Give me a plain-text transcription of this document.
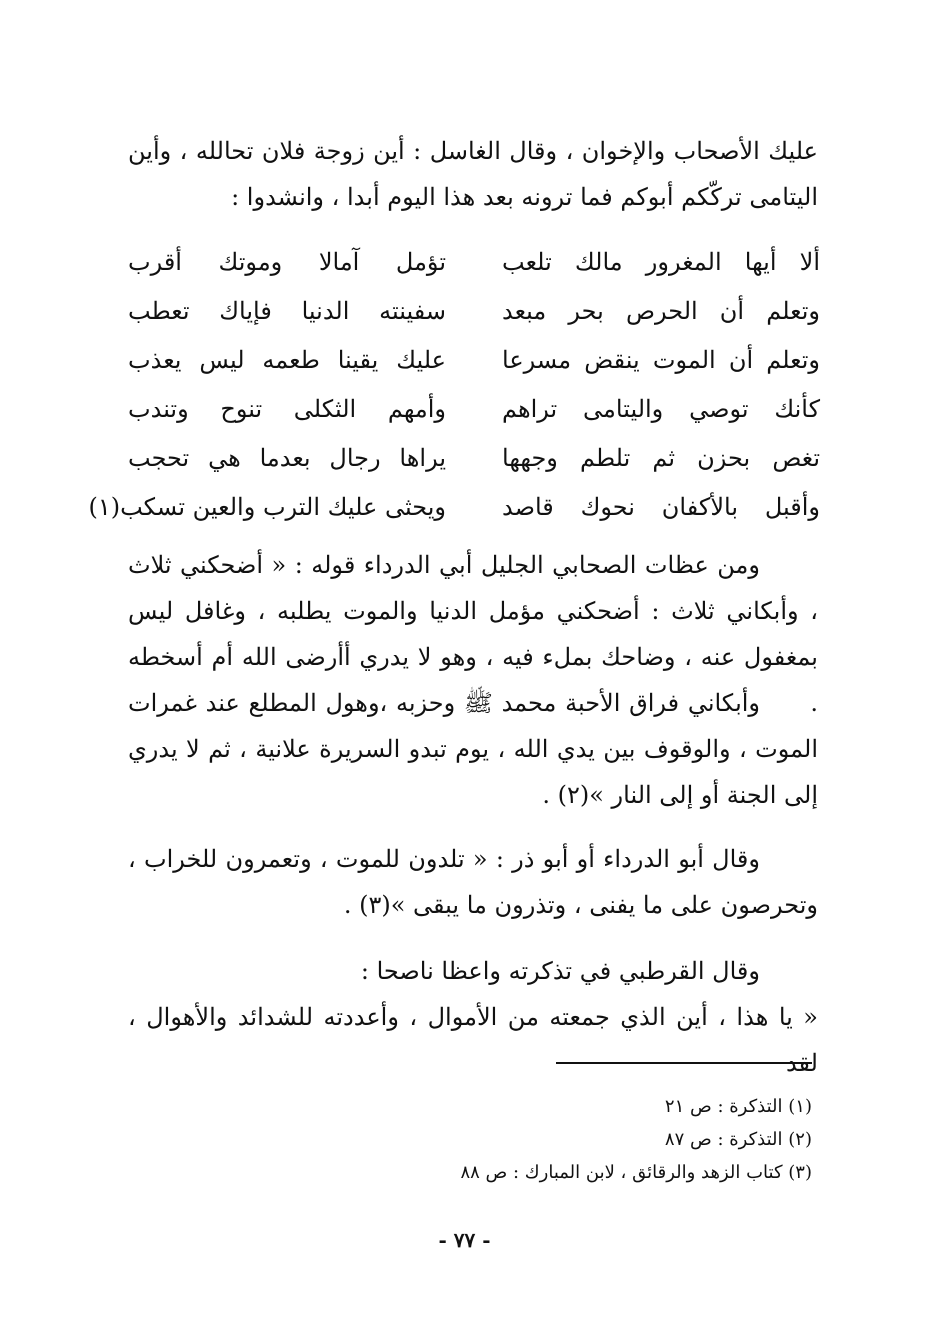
عليك الأصحاب والإخوان ، وقال الغاسل : أين زوجة فلان تحالله ، وأين اليتامى تركّكم أبوكم فما ترونه بعد هذا اليوم أبدا ، وانشدوا :

ألا أيها المغرور مالك تلعب
تؤمل آمالا وموتك أقرب
وتعلم أن الحرص بحر مبعد
سفينته الدنيا فإياك تعطب
وتعلم أن الموت ينقض مسرعا
عليك يقينا طعمه ليس يعذب
كأنك توصي واليتامى تراهم
وأمهم الثكلى تنوح وتندب
تغص بحزن ثم تلطم وجهها
يراها رجال بعدما هي تحجب
وأقبل بالأكفان نحوك قاصد
ويحثى عليك الترب والعين تسكب(١)

ومن عظات الصحابي الجليل أبي الدرداء قوله : « أضحكني ثلاث ، وأبكاني ثلاث : أضحكني مؤمل الدنيا والموت يطلبه ، وغافل ليس بمغفول عنه ، وضاحك بملء فيه ، وهو لا يدري أأرضى الله أم أسخطه .

وأبكاني فراق الأحبة محمد ﷺ وحزبه ،وهول المطلع عند غمرات الموت ، والوقوف بين يدي الله ، يوم تبدو السريرة علانية ، ثم لا يدري إلى الجنة أو إلى النار »(٢) .

وقال أبو الدرداء أو أبو ذر : « تلدون للموت ، وتعمرون للخراب ، وتحرصون على ما يفنى ، وتذرون ما يبقى »(٣) .

وقال القرطبي في تذكرته واعظا ناصحا :

« يا هذا ، أين الذي جمعته من الأموال ، وأعددته للشدائد والأهوال ، لقد

(١) التذكرة : ص ٢١
(٢) التذكرة : ص ٨٧
(٣) كتاب الزهد والرقائق ، لابن المبارك : ص ٨٨
- ٧٧ -
